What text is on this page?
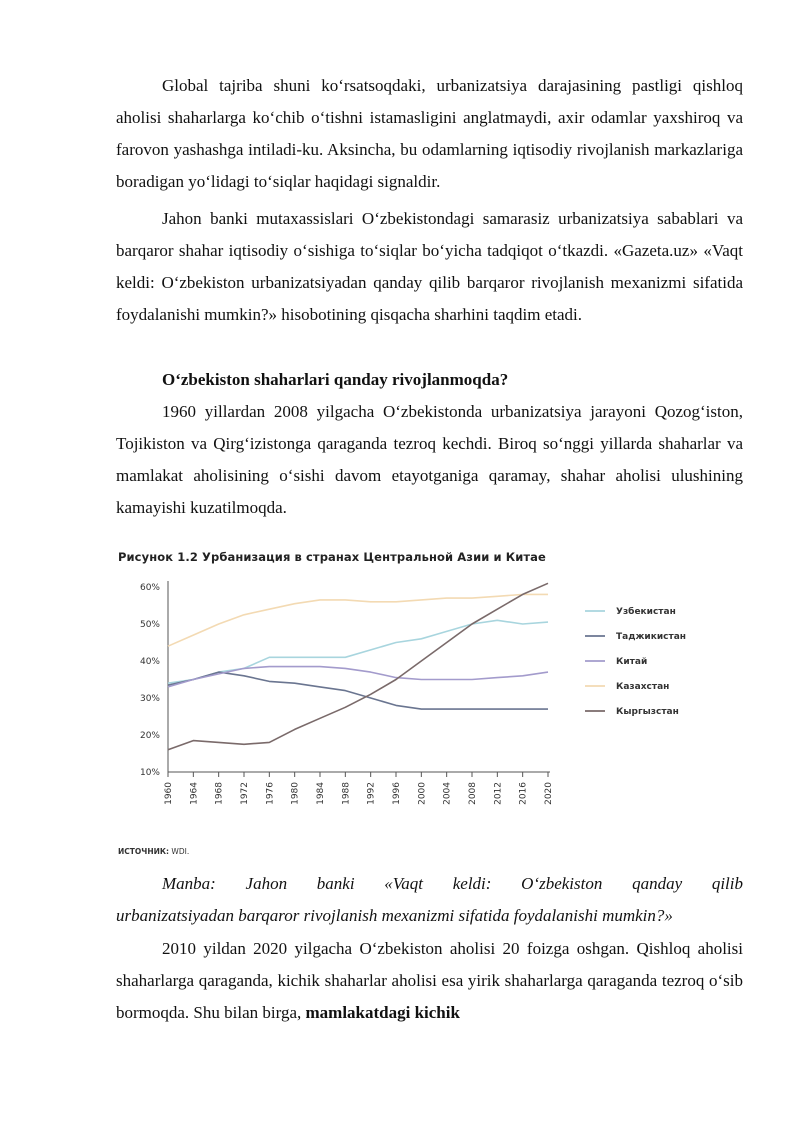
Global tajriba shuni ko‘rsatsoqdaki, urbanizatsiya darajasining pastligi qishloq aholisi shaharlarga ko‘chib o‘tishni istamasligini anglatmaydi, axir odamlar yaxshiroq va farovon yashashga intiladi-ku. Aksincha, bu odamlarning iqtisodiy rivojlanish markazlariga boradigan yo‘lidagi to‘siqlar haqidagi signaldir.

Jahon banki mutaxassislari O‘zbekistondagi samarasiz urbanizatsiya sabablari va barqaror shahar iqtisodiy o‘sishiga to‘siqlar bo‘yicha tadqiqot o‘tkazdi. «Gazeta.uz» «Vaqt keldi: O‘zbekiston urbanizatsiyadan qanday qilib barqaror rivojlanish mexanizmi sifatida foydalanishi mumkin?» hisobotining qisqacha sharhini taqdim etadi.

O‘zbekiston shaharlari qanday rivojlanmoqda?

1960 yillardan 2008 yilgacha O‘zbekistonda urbanizatsiya jarayoni Qozog‘iston, Tojikiston va Qirg‘izistonga qaraganda tezroq kechdi. Biroq so‘nggi yillarda shaharlar va mamlakat aholisining o‘sishi davom etayotganiga qaramay, shahar aholisi ulushining kamayishi kuzatilmoqda.

Рисунок 1.2 Урбанизация в странах Центральной Азии и Китае
10%
20%
30%
40%
50%
60%
1960 1964 1968 1972 1976 1980 1984 1988 1992 1996 2000 2004 2008 2012 2016 2020
Узбекистан
Таджикистан
Китай
Казахстан
Кыргызстан
ИСТОЧНИК: WDI.

Manba: Jahon banki «Vaqt keldi: O‘zbekiston qanday qilib
urbanizatsiyadan barqaror rivojlanish mexanizmi sifatida foydalanishi mumkin?»

2010 yildan 2020 yilgacha O‘zbekiston aholisi 20 foizga oshgan. Qishloq aholisi shaharlarga qaraganda, kichik shaharlar aholisi esa yirik shaharlarga qaraganda tezroq o‘sib bormoqda. Shu bilan birga, mamlakatdagi kichik
